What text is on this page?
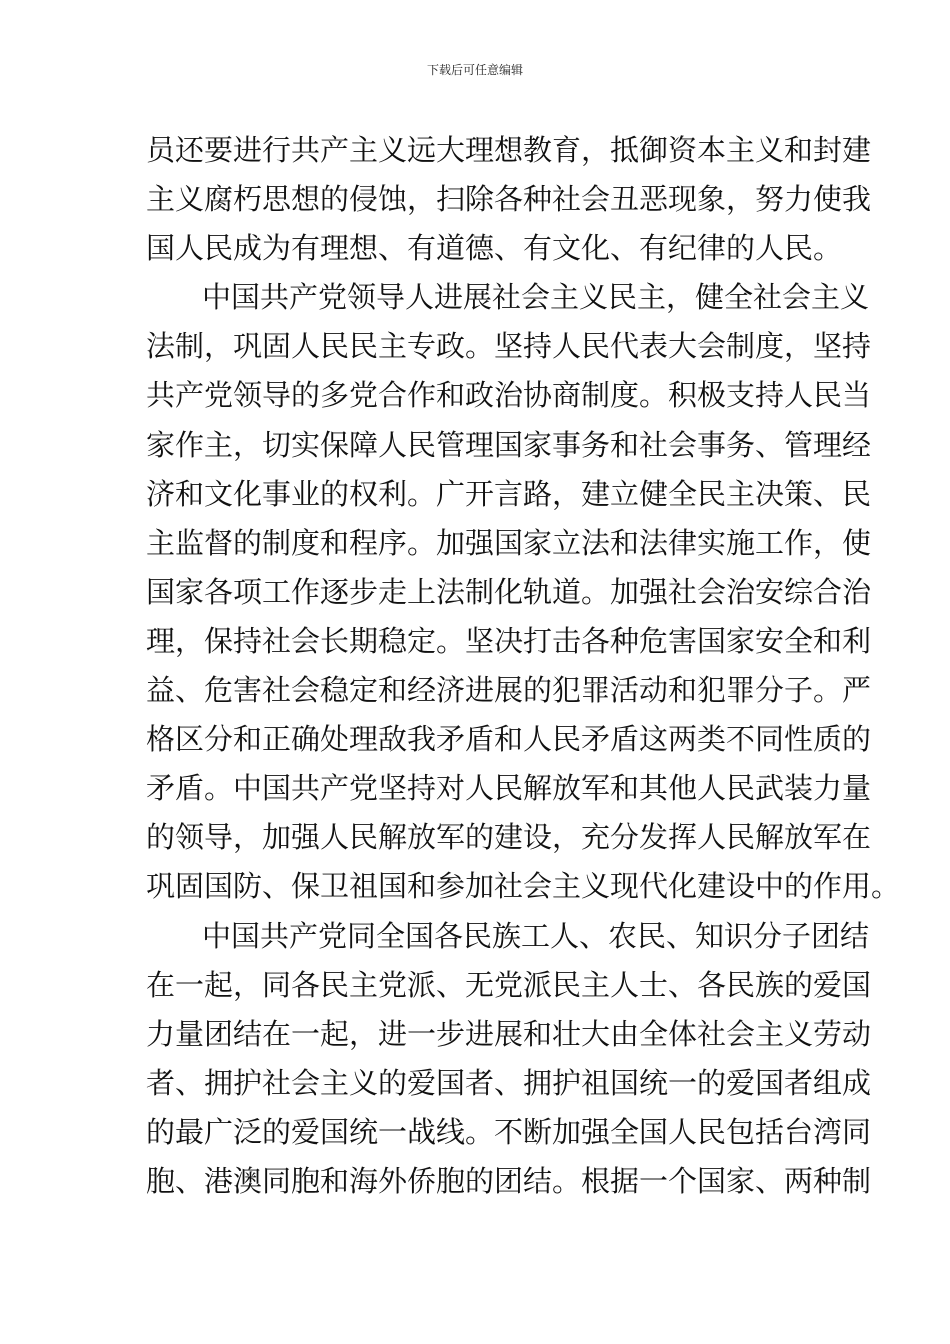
下载后可任意编辑
员还要进行共产主义远大理想教育，抵御资本主义和封建
主义腐朽思想的侵蚀，扫除各种社会丑恶现象，努力使我
国人民成为有理想、有道德、有文化、有纪律的人民。
中国共产党领导人进展社会主义民主，健全社会主义
法制，巩固人民民主专政。坚持人民代表大会制度，坚持
共产党领导的多党合作和政治协商制度。积极支持人民当
家作主，切实保障人民管理国家事务和社会事务、管理经
济和文化事业的权利。广开言路，建立健全民主决策、民
主监督的制度和程序。加强国家立法和法律实施工作，使
国家各项工作逐步走上法制化轨道。加强社会治安综合治
理，保持社会长期稳定。坚决打击各种危害国家安全和利
益、危害社会稳定和经济进展的犯罪活动和犯罪分子。严
格区分和正确处理敌我矛盾和人民矛盾这两类不同性质的
矛盾。中国共产党坚持对人民解放军和其他人民武装力量
的领导，加强人民解放军的建设，充分发挥人民解放军在
巩固国防、保卫祖国和参加社会主义现代化建设中的作用。
中国共产党同全国各民族工人、农民、知识分子团结
在一起，同各民主党派、无党派民主人士、各民族的爱国
力量团结在一起，进一步进展和壮大由全体社会主义劳动
者、拥护社会主义的爱国者、拥护祖国统一的爱国者组成
的最广泛的爱国统一战线。不断加强全国人民包括台湾同
胞、港澳同胞和海外侨胞的团结。根据一个国家、两种制
